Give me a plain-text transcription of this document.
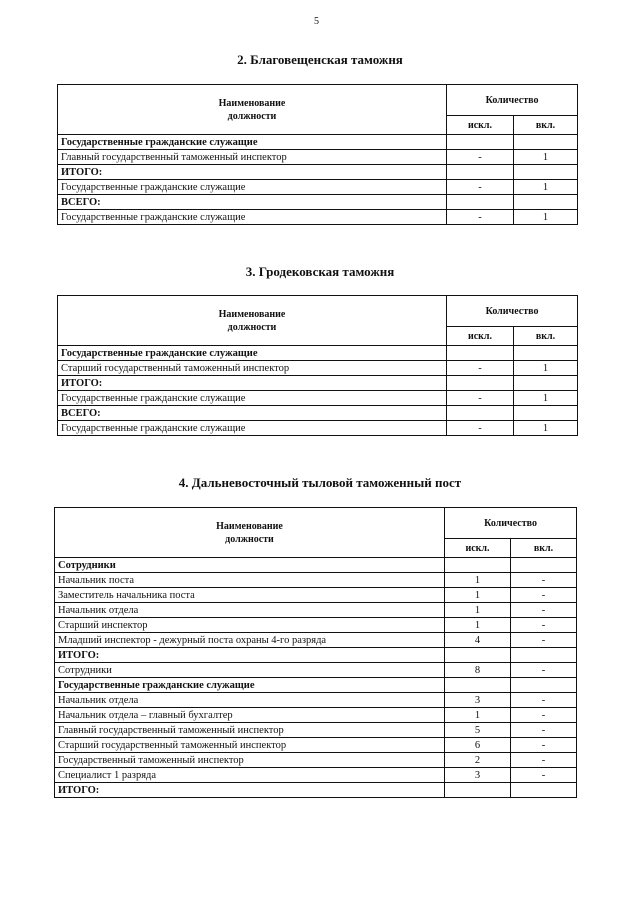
5
2. Благовещенская таможня
Наименование
должности	Количество	
	искл.	вкл.
Государственные гражданские служащие		
Главный государственный таможенный инспектор	-	1
ИТОГО:		
Государственные гражданские служащие	-	1
ВСЕГО:		
Государственные гражданские служащие	-	1
3. Гродековская таможня
Наименование
должности	Количество	
	искл.	вкл.
Государственные гражданские служащие		
Старший государственный таможенный инспектор	-	1
ИТОГО:		
Государственные гражданские служащие	-	1
ВСЕГО:		
Государственные гражданские служащие	-	1
4. Дальневосточный тыловой таможенный пост
Наименование
должности	Количество	
	искл.	вкл.
Сотрудники		
Начальник поста	1	-
Заместитель начальника поста	1	-
Начальник отдела	1	-
Старший инспектор	1	-
Младший инспектор - дежурный поста охраны 4-го разряда	4	-
ИТОГО:		
Сотрудники	8	-
Государственные гражданские служащие		
Начальник отдела	3	-
Начальник отдела – главный бухгалтер	1	-
Главный государственный таможенный инспектор	5	-
Старший государственный таможенный инспектор	6	-
Государственный таможенный инспектор	2	-
Специалист 1 разряда	3	-
ИТОГО:		
